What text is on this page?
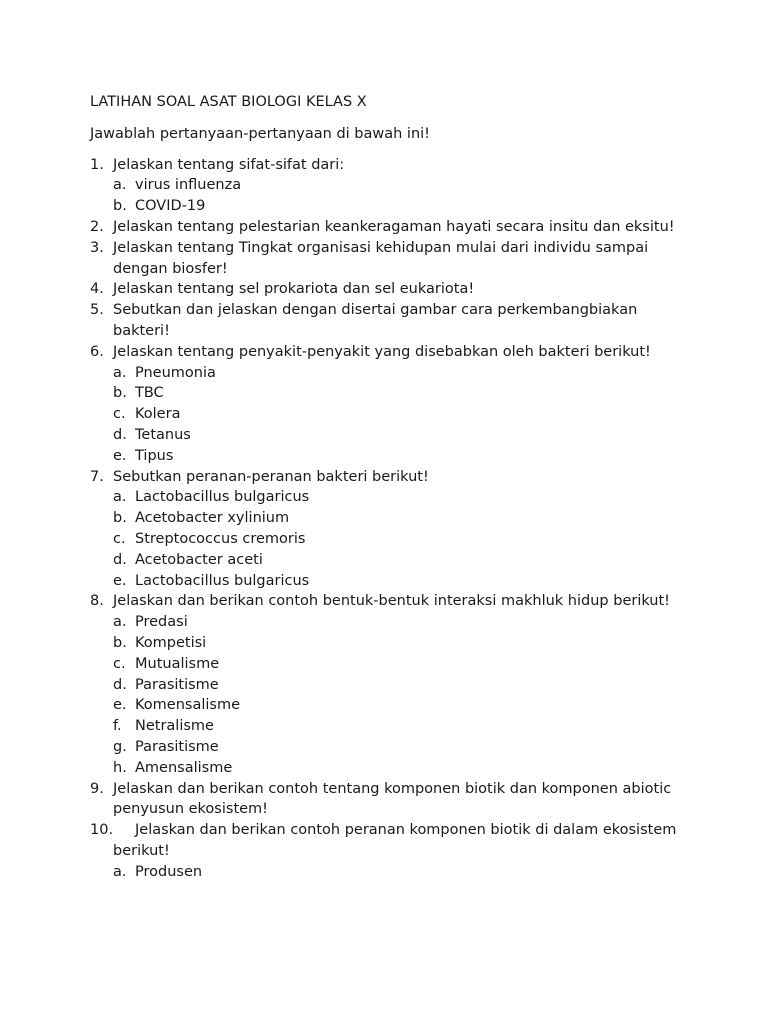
LATIHAN SOAL ASAT BIOLOGI KELAS X

Jawablah pertanyaan-pertanyaan di bawah ini!

1. Jelaskan tentang sifat-sifat dari:
a. virus influenza
b. COVID-19
2. Jelaskan tentang pelestarian keankeragaman hayati secara insitu dan eksitu!
3. Jelaskan tentang Tingkat organisasi kehidupan mulai dari individu sampai dengan biosfer!
4. Jelaskan tentang sel prokariota dan sel eukariota!
5. Sebutkan dan jelaskan dengan disertai gambar cara perkembangbiakan bakteri!
6. Jelaskan tentang penyakit-penyakit yang disebabkan oleh bakteri berikut!
a. Pneumonia
b. TBC
c. Kolera
d. Tetanus
e. Tipus
7. Sebutkan peranan-peranan bakteri berikut!
a. Lactobacillus bulgaricus
b. Acetobacter xylinium
c. Streptococcus cremoris
d. Acetobacter aceti
e. Lactobacillus bulgaricus
8. Jelaskan dan berikan contoh bentuk-bentuk interaksi makhluk hidup berikut!
a. Predasi
b. Kompetisi
c. Mutualisme
d. Parasitisme
e. Komensalisme
f. Netralisme
g. Parasitisme
h. Amensalisme
9. Jelaskan dan berikan contoh tentang komponen biotik dan komponen abiotic penyusun ekosistem!
10.	Jelaskan dan berikan contoh peranan komponen biotik di dalam ekosistem berikut!
a. Produsen
